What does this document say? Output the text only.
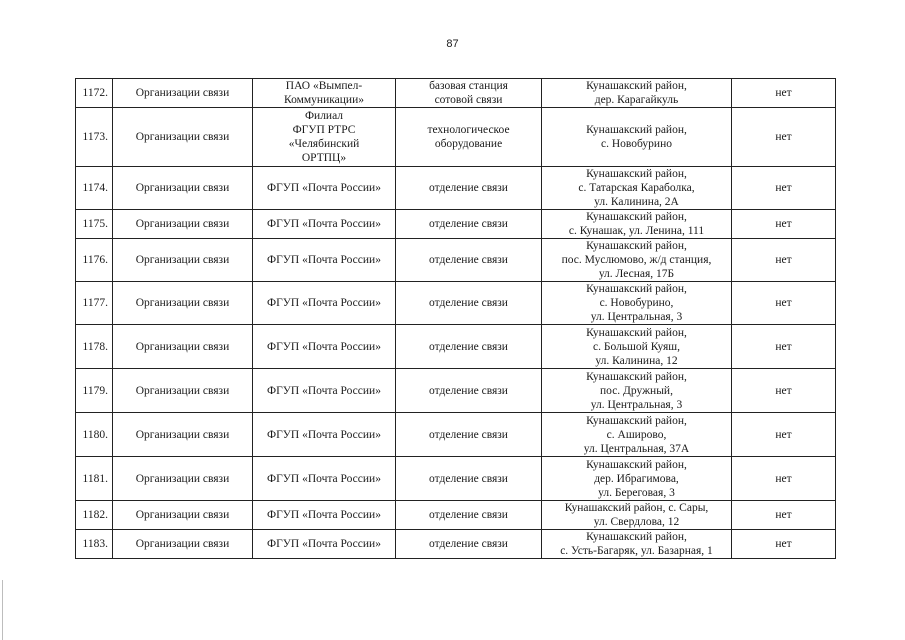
87
1172.	Организации связи	ПАО «Вымпел-
Коммуникации»	базовая станция
сотовой связи	Кунашакский район,
дер. Карагайкуль	нет
1173.	Организации связи	Филиал
ФГУП РТРС
«Челябинский
ОРТПЦ»	технологическое
оборудование	Кунашакский район,
с. Новобурино	нет
1174.	Организации связи	ФГУП «Почта России»	отделение связи	Кунашакский район,
с. Татарская Караболка,
ул. Калинина, 2А	нет
1175.	Организации связи	ФГУП «Почта России»	отделение связи	Кунашакский район,
с. Кунашак, ул. Ленина, 111	нет
1176.	Организации связи	ФГУП «Почта России»	отделение связи	Кунашакский район,
пос. Муслюмово, ж/д станция,
ул. Лесная, 17Б	нет
1177.	Организации связи	ФГУП «Почта России»	отделение связи	Кунашакский район,
с. Новобурино,
ул. Центральная, 3	нет
1178.	Организации связи	ФГУП «Почта России»	отделение связи	Кунашакский район,
с. Большой Куяш,
ул. Калинина, 12	нет
1179.	Организации связи	ФГУП «Почта России»	отделение связи	Кунашакский район,
пос. Дружный,
ул. Центральная, 3	нет
1180.	Организации связи	ФГУП «Почта России»	отделение связи	Кунашакский район,
с. Аширово,
ул. Центральная, 37А	нет
1181.	Организации связи	ФГУП «Почта России»	отделение связи	Кунашакский район,
дер. Ибрагимова,
ул. Береговая, 3	нет
1182.	Организации связи	ФГУП «Почта России»	отделение связи	Кунашакский район, с. Сары,
ул. Свердлова, 12	нет
1183.	Организации связи	ФГУП «Почта России»	отделение связи	Кунашакский район,
с. Усть-Багаряк, ул. Базарная, 1	нет
